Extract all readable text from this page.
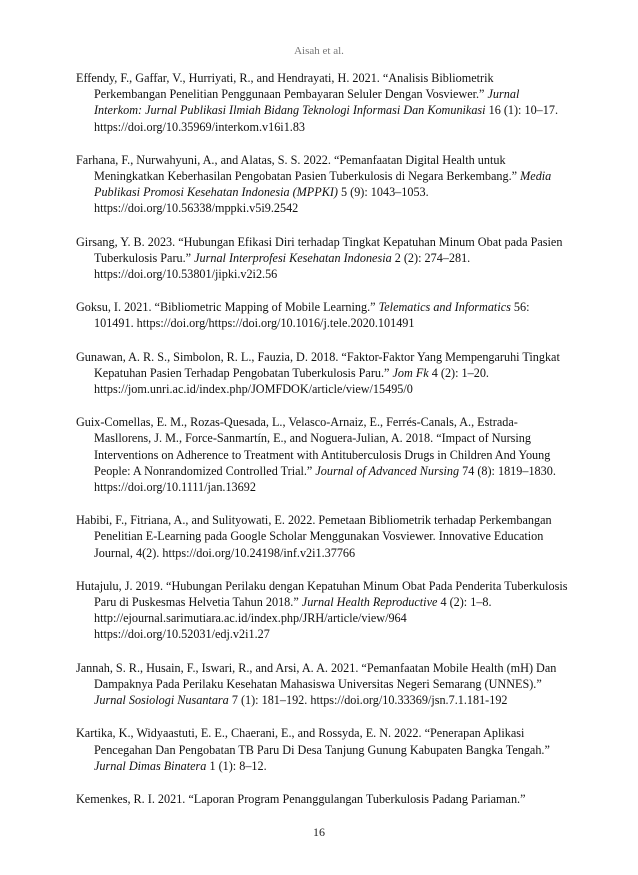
Aisah et al.

Effendy, F., Gaffar, V., Hurriyati, R., and Hendrayati, H. 2021. “Analisis Bibliometrik Perkembangan Penelitian Penggunaan Pembayaran Seluler Dengan Vosviewer.” Jurnal Interkom: Jurnal Publikasi Ilmiah Bidang Teknologi Informasi Dan Komunikasi 16 (1): 10–17. https://doi.org/10.35969/interkom.v16i1.83

Farhana, F., Nurwahyuni, A., and Alatas, S. S. 2022. “Pemanfaatan Digital Health untuk Meningkatkan Keberhasilan Pengobatan Pasien Tuberkulosis di Negara Berkembang.” Media Publikasi Promosi Kesehatan Indonesia (MPPKI) 5 (9): 1043–1053. https://doi.org/10.56338/mppki.v5i9.2542

Girsang, Y. B. 2023. “Hubungan Efikasi Diri terhadap Tingkat Kepatuhan Minum Obat pada Pasien Tuberkulosis Paru.” Jurnal Interprofesi Kesehatan Indonesia 2 (2): 274–281. https://doi.org/10.53801/jipki.v2i2.56

Goksu, I. 2021. “Bibliometric Mapping of Mobile Learning.” Telematics and Informatics 56: 101491. https://doi.org/https://doi.org/10.1016/j.tele.2020.101491

Gunawan, A. R. S., Simbolon, R. L., Fauzia, D. 2018. “Faktor-Faktor Yang Mempengaruhi Tingkat Kepatuhan Pasien Terhadap Pengobatan Tuberkulosis Paru.” Jom Fk 4 (2): 1–20. https://jom.unri.ac.id/index.php/JOMFDOK/article/view/15495/0

Guix-Comellas, E. M., Rozas-Quesada, L., Velasco-Arnaiz, E., Ferrés-Canals, A., Estrada-Masllorens, J. M., Force-Sanmartín, E., and Noguera-Julian, A. 2018. “Impact of Nursing Interventions on Adherence to Treatment with Antituberculosis Drugs in Children And Young People: A Nonrandomized Controlled Trial.” Journal of Advanced Nursing 74 (8): 1819–1830. https://doi.org/10.1111/jan.13692

Habibi, F., Fitriana, A., and Sulityowati, E. 2022. Pemetaan Bibliometrik terhadap Perkembangan Penelitian E-Learning pada Google Scholar Menggunakan Vosviewer. Innovative Education Journal, 4(2). https://doi.org/10.24198/inf.v2i1.37766

Hutajulu, J. 2019. “Hubungan Perilaku dengan Kepatuhan Minum Obat Pada Penderita Tuberkulosis Paru di Puskesmas Helvetia Tahun 2018.” Jurnal Health Reproductive 4 (2): 1–8. http://ejournal.sarimutiara.ac.id/index.php/JRH/article/view/964 https://doi.org/10.52031/edj.v2i1.27

Jannah, S. R., Husain, F., Iswari, R., and Arsi, A. A. 2021. “Pemanfaatan Mobile Health (mH) Dan Dampaknya Pada Perilaku Kesehatan Mahasiswa Universitas Negeri Semarang (UNNES).” Jurnal Sosiologi Nusantara 7 (1): 181–192. https://doi.org/10.33369/jsn.7.1.181-192

Kartika, K., Widyaastuti, E. E., Chaerani, E., and Rossyda, E. N. 2022. “Penerapan Aplikasi Pencegahan Dan Pengobatan TB Paru Di Desa Tanjung Gunung Kabupaten Bangka Tengah.” Jurnal Dimas Binatera 1 (1): 8–12.

Kemenkes, R. I. 2021. “Laporan Program Penanggulangan Tuberkulosis Padang Pariaman.”

16
